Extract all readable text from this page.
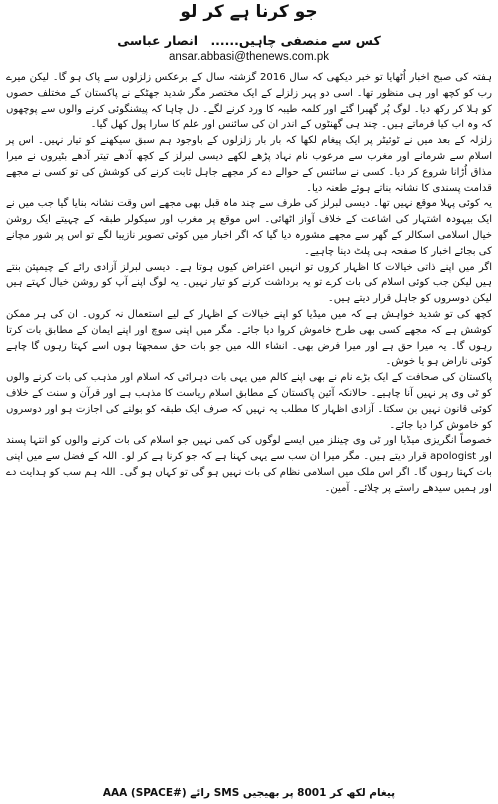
جو کرنا ہے کر لو
کس سے منصفی چاہیں...... انصار عباسی
ansar.abbasi@thenews.com.pk

ہفتہ کی صبح اخبار اُٹھایا تو خبر دیکھی کہ سال 2016 گزشتہ سال کے برعکس زلزلوں سے پاک ہو گا۔ لیکن میرے رب کو کچھ اور ہی منظور تھا۔ اسی دو پہر زلزلے کے ایک مختصر مگر شدید جھٹکے نے پاکستان کے مختلف حصوں کو ہلا کر رکھ دیا۔ لوگ پُر گھبرا گئے اور کلمہ طیبہ کا ورد کرنے لگے۔ دل چاہا کہ پیشنگوئی کرنے والوں سے پوچھوں کہ وہ اب کیا فرماتے ہیں۔ چند ہی گھنٹوں کے اندر ان کی سائنس اور علم کا سارا پول کھل گیا۔

زلزلہ کے بعد میں نے ٹوئیٹر پر ایک پیغام لکھا کہ بار بار زلزلوں کے باوجود ہم سبق سیکھنے کو تیار نہیں۔ اس پر اسلام سے شرمانے اور مغرب سے مرعوب نام نہاد پڑھے لکھے دیسی لبرلز کے کچھ آدھے تیتر آدھے بٹیروں نے میرا مذاق اُڑانا شروع کر دیا۔ کسی نے سائنس کے حوالے دے کر مجھے جاہل ثابت کرنے کی کوشش کی تو کسی نے مجھے قدامت پسندی کا نشانہ بناتے ہوئے طعنہ دیا۔

یہ کوئی پہلا موقع نہیں تھا۔ دیسی لبرلز کی طرف سے چند ماہ قبل بھی مجھے اس وقت نشانہ بنایا گیا جب میں نے ایک بیہودہ اشتہار کی اشاعت کے خلاف آواز اٹھائی۔ اس موقع پر مغرب اور سیکولر طبقہ کے چہیتے ایک روشن خیال اسلامی اسکالر کے گھر سے مجھے مشورہ دیا گیا کہ اگر اخبار میں کوئی تصویر نازیبا لگے تو اس پر شور مچانے کی بجائے اخبار کا صفحہ ہی پلٹ دینا چاہیے۔

اگر میں اپنے ذاتی خیالات کا اظہار کروں تو انہیں اعتراض کیوں ہوتا ہے۔ دیسی لبرلز آزادی رائے کے چیمپئن بنتے ہیں لیکن جب کوئی اسلام کی بات کرے تو یہ برداشت کرنے کو تیار نہیں۔ یہ لوگ اپنے آپ کو روشن خیال کہتے ہیں لیکن دوسروں کو جاہل قرار دیتے ہیں۔

کچھ کی تو شدید خواہش ہے کہ میں میڈیا کو اپنے خیالات کے اظہار کے لیے استعمال نہ کروں۔ ان کی ہر ممکن کوشش ہے کہ مجھے کسی بھی طرح خاموش کروا دیا جائے۔ مگر میں اپنی سوچ اور اپنے ایمان کے مطابق بات کرتا رہوں گا۔ یہ میرا حق ہے اور میرا فرض بھی۔ انشاء اللہ میں جو بات حق سمجھتا ہوں اسے کہتا رہوں گا چاہے کوئی ناراض ہو یا خوش۔

پاکستان کی صحافت کے ایک بڑے نام نے بھی اپنے کالم میں یہی بات دہرائی کہ اسلام اور مذہب کی بات کرنے والوں کو ٹی وی پر نہیں آنا چاہیے۔ حالانکہ آئین پاکستان کے مطابق اسلام ریاست کا مذہب ہے اور قرآن و سنت کے خلاف کوئی قانون نہیں بن سکتا۔ آزادی اظہار کا مطلب یہ نہیں کہ صرف ایک طبقہ کو بولنے کی اجازت ہو اور دوسروں کو خاموش کرا دیا جائے۔

خصوصاً انگریزی میڈیا اور ٹی وی چینلز میں ایسے لوگوں کی کمی نہیں جو اسلام کی بات کرنے والوں کو انتہا پسند اور apologist قرار دیتے ہیں۔ مگر میرا ان سب سے یہی کہنا ہے کہ جو کرنا ہے کر لو۔ اللہ کے فضل سے میں اپنی بات کہتا رہوں گا۔ اگر اس ملک میں اسلامی نظام کی بات نہیں ہو گی تو کہاں ہو گی۔ اللہ ہم سب کو ہدایت دے اور ہمیں سیدھے راستے پر چلائے۔ آمین۔

پیغام لکھ کر 8001 پر بھیجیں SMS رائے (#AAA (SPACE
